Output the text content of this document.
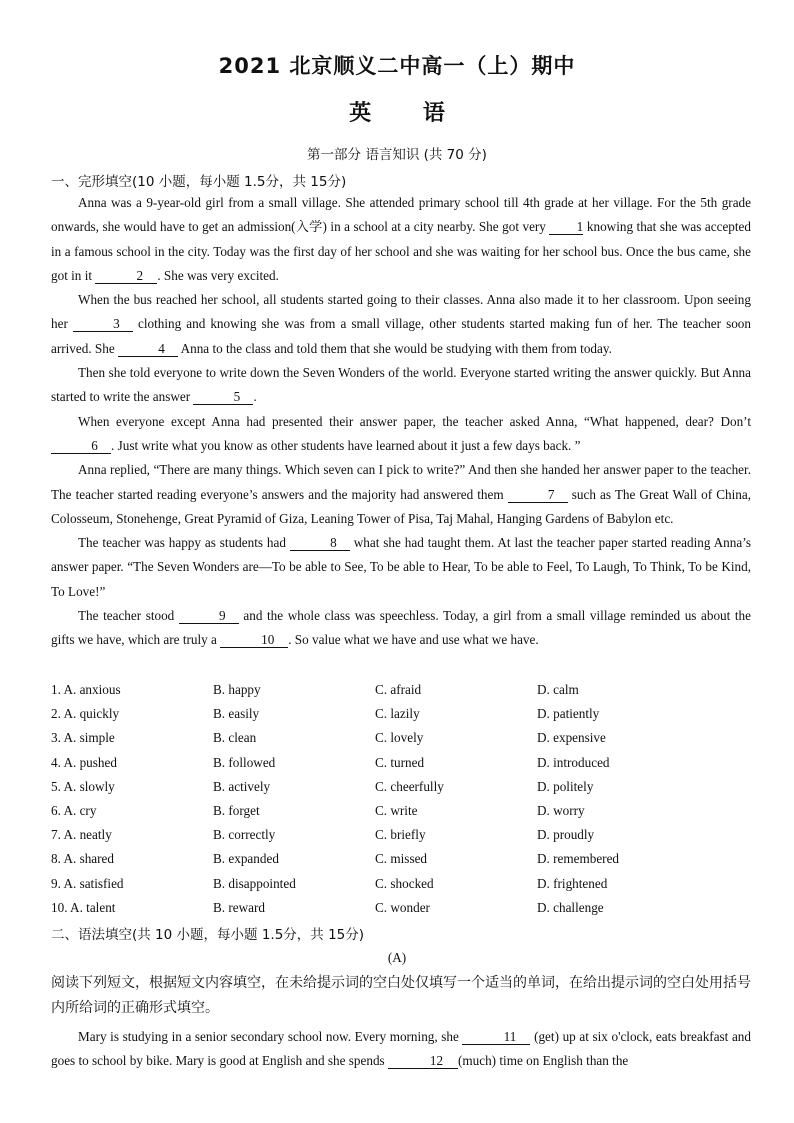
2021 北京顺义二中高一（上）期中
英 语
第一部分 语言知识 (共 70 分)
一、完形填空(10 小题，每小题 1.5分，共 15分)

Anna was a 9-year-old girl from a small village. She attended primary school till 4th grade at her village. For the 5th grade onwards, she would have to get an admission(入学) in a school at a city nearby. She got very 1 knowing that she was accepted in a famous school in the city. Today was the first day of her school and she was waiting for her school bus. Once the bus came, she got in it	2 . She was very excited.

When the bus reached her school, all students started going to their classes. Anna also made it to her classroom. Upon seeing her	3 clothing and knowing she was from a small village, other students started making fun of her. The teacher soon arrived. She	4 Anna to the class and told them that she would be studying with them from today.

Then she told everyone to write down the Seven Wonders of the world. Everyone started writing the answer quickly. But Anna started to write the answer	5 .

When everyone except Anna had presented their answer paper, the teacher asked Anna, “What happened, dear? Don’t 6 . Just write what you know as other students have learned about it just a few days back. ”

Anna replied, “There are many things. Which seven can I pick to write?” And then she handed her answer paper to the teacher. The teacher started reading everyone’s answers and the majority had answered them	7 such as The Great Wall of China, Colosseum, Stonehenge, Great Pyramid of Giza, Leaning Tower of Pisa, Taj Mahal, Hanging Gardens of Babylon etc.

The teacher was happy as students had	8 what she had taught them. At last the teacher paper started reading Anna’s answer paper. “The Seven Wonders are—To be able to See, To be able to Hear, To be able to Feel, To Laugh, To Think, To be Kind, To Love!”

The teacher stood	9 and the whole class was speechless. Today, a girl from a small village reminded us about the gifts we have, which are truly a	10 . So value what we have and use what we have.

1. A. anxious	B. happy	C. afraid	D. calm
2. A. quickly	B. easily	C. lazily	D. patiently
3. A. simple	B. clean	C. lovely	D. expensive
4. A. pushed	B. followed	C. turned	D. introduced
5. A. slowly	B. actively	C. cheerfully	D. politely
6. A. cry	B. forget	C. write	D. worry
7. A. neatly	B. correctly	C. briefly	D. proudly
8. A. shared	B. expanded	C. missed	D. remembered
9. A. satisfied	B. disappointed	C. shocked	D. frightened
10. A. talent	B. reward	C. wonder	D. challenge
二、语法填空(共 10 小题，每小题 1.5分，共 15分)
(A)

阅读下列短文，根据短文内容填空，在未给提示词的空白处仅填写一个适当的单词，在给出提示词的空白处用括号内所给词的正确形式填空。

Mary is studying in a senior secondary school now. Every morning, she	11 (get) up at six o'clock, eats breakfast and goes to school by bike. Mary is good at English and she spends	12 (much) time on English than the
